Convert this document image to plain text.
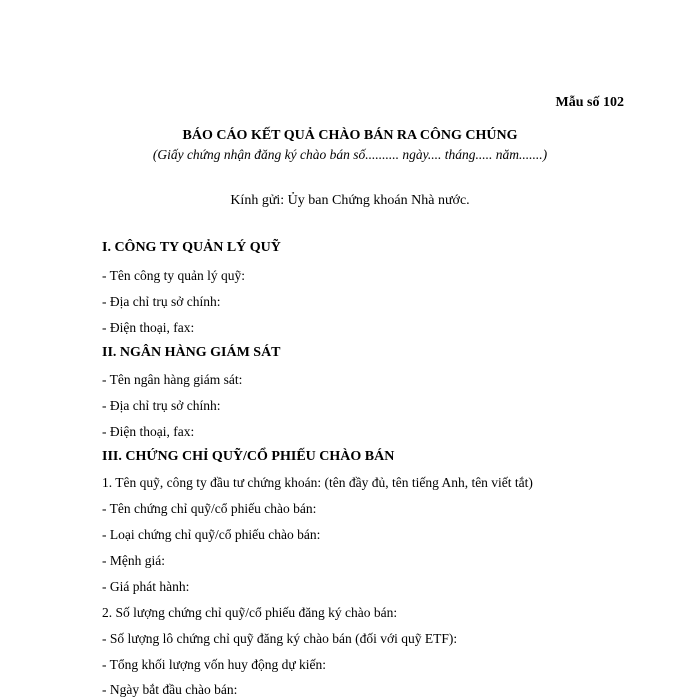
Mẫu số 102
BÁO CÁO KẾT QUẢ CHÀO BÁN RA CÔNG CHÚNG
(Giấy chứng nhận đăng ký chào bán số.......... ngày.... tháng..... năm.......)
Kính gửi: Ủy ban Chứng khoán Nhà nước.
I. CÔNG TY QUẢN LÝ QUỸ
- Tên công ty quản lý quỹ:
- Địa chỉ trụ sở chính:
- Điện thoại, fax:
II. NGÂN HÀNG GIÁM SÁT
- Tên ngân hàng giám sát:
- Địa chỉ trụ sở chính:
- Điện thoại, fax:
III. CHỨNG CHỈ QUỸ/CỔ PHIẾU CHÀO BÁN
1. Tên quỹ, công ty đầu tư chứng khoán: (tên đầy đủ, tên tiếng Anh, tên viết tắt)
- Tên chứng chỉ quỹ/cổ phiếu chào bán:
- Loại chứng chỉ quỹ/cổ phiếu chào bán:
- Mệnh giá:
- Giá phát hành:
2. Số lượng chứng chỉ quỹ/cổ phiếu đăng ký chào bán:
- Số lượng lô chứng chỉ quỹ đăng ký chào bán (đối với quỹ ETF):
- Tổng khối lượng vốn huy động dự kiến:
- Ngày bắt đầu chào bán:
